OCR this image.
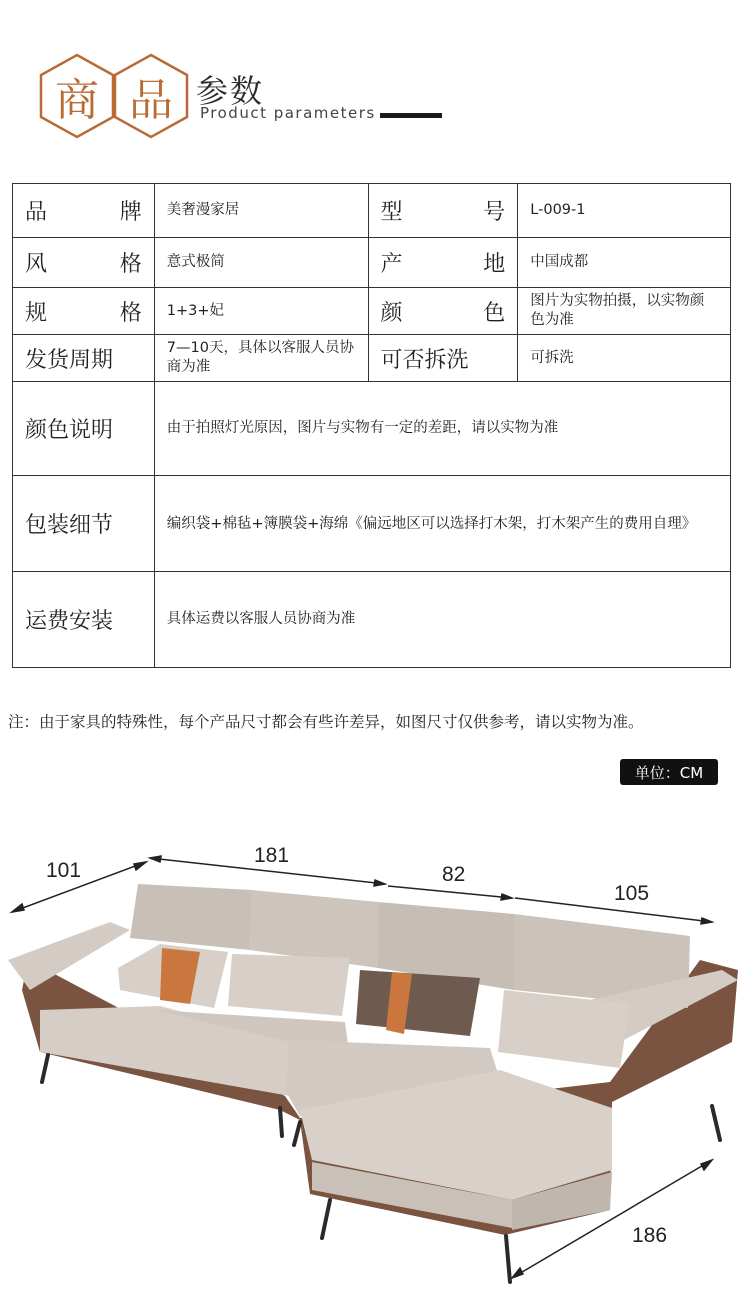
商 品 参数
Product parameters
品牌	美奢漫家居	型号	L-009-1
风格	意式极简	产地	中国成都
规格	1+3+妃	颜色	图片为实物拍摄，以实物颜色为准
发货周期	7—10天，具体以客服人员协商为准	可否拆洗	可拆洗
颜色说明	由于拍照灯光原因，图片与实物有一定的差距，请以实物为准		
包装细节	编织袋+棉毡+簿膜袋+海绵《偏远地区可以选择打木架，打木架产生的费用自理》		
运费安装	具体运费以客服人员协商为准		
注：由于家具的特殊性，每个产品尺寸都会有些许差异，如图尺寸仅供参考，请以实物为准。
单位：CM
101
181
82
105
186
